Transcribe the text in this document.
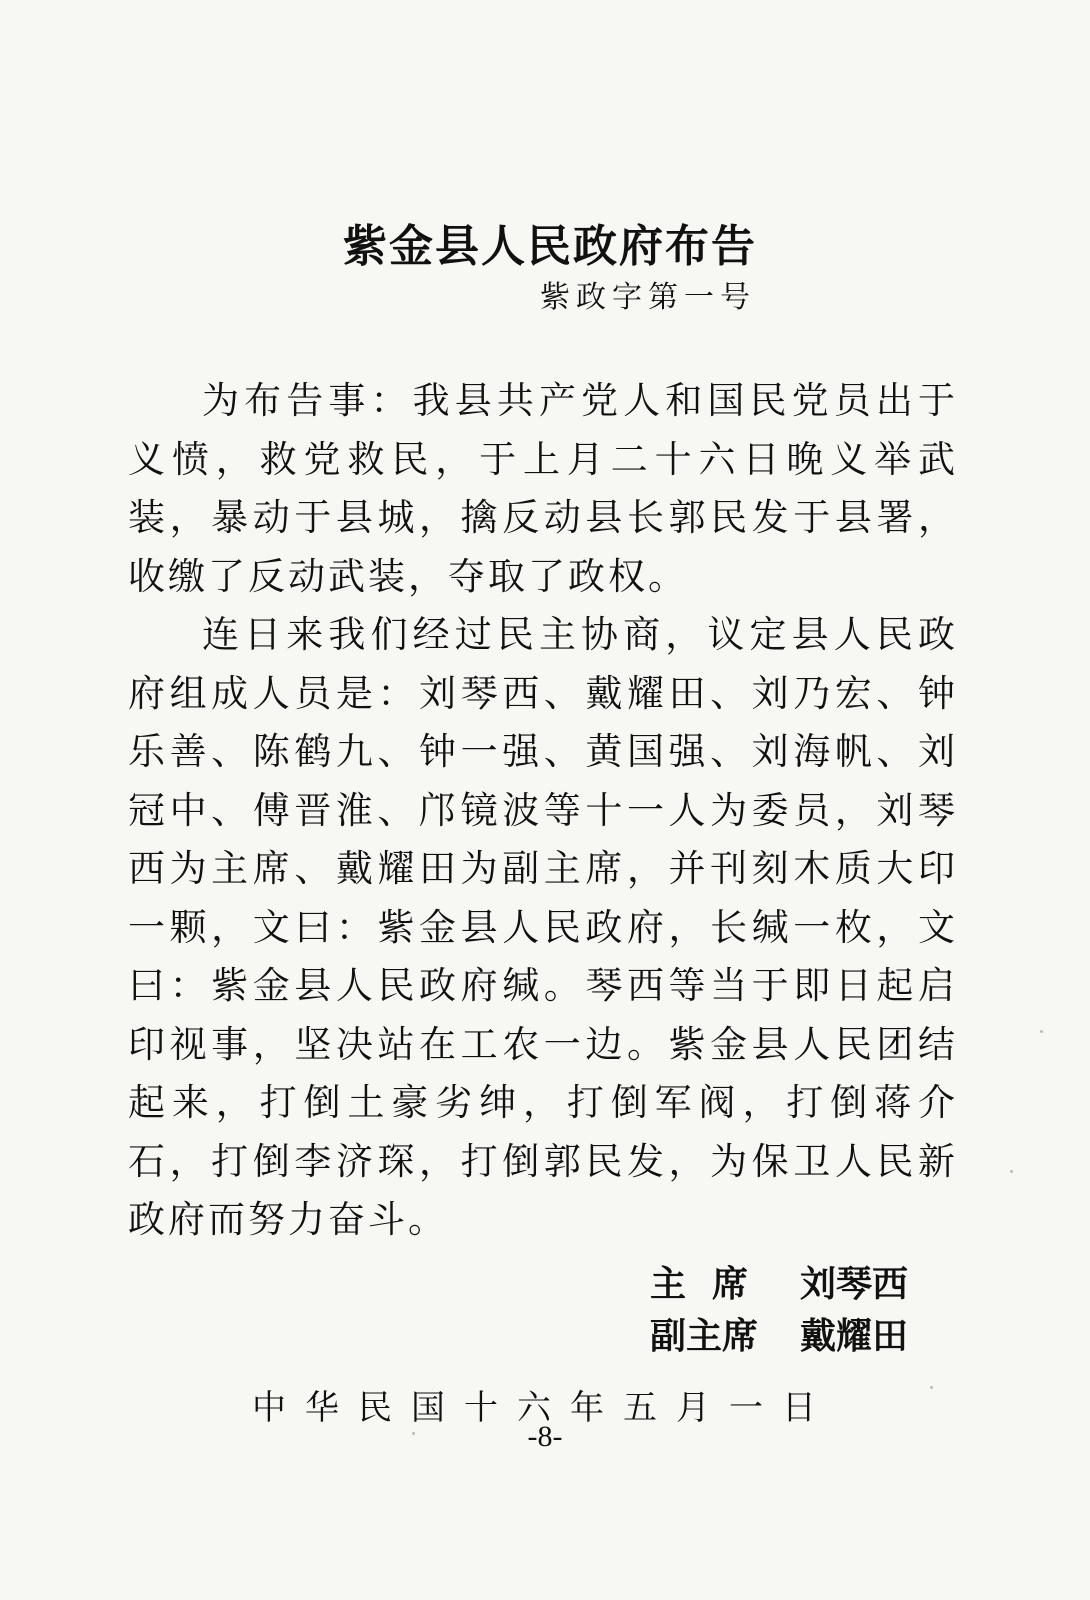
紫金县人民政府布告
紫政字第一号

为布告事：我县共产党人和国民党员出于义愤，救党救民，于上月二十六日晚义举武装，暴动于县城，擒反动县长郭民发于县署，收缴了反动武装，夺取了政权。

连日来我们经过民主协商，议定县人民政府组成人员是：刘琴西、戴耀田、刘乃宏、钟乐善、陈鹤九、钟一强、黄国强、刘海帆、刘冠中、傅晋淮、邝镜波等十一人为委员，刘琴西为主席、戴耀田为副主席，并刊刻木质大印一颗，文曰：紫金县人民政府，长缄一枚，文曰：紫金县人民政府缄。琴西等当于即日起启印视事，坚决站在工农一边。紫金县人民团结起来，打倒土豪劣绅，打倒军阀，打倒蒋介石，打倒李济琛，打倒郭民发，为保卫人民新政府而努力奋斗。

主席 刘琴西
副主席 戴耀田
中华民国十六年五月一日
-8-
